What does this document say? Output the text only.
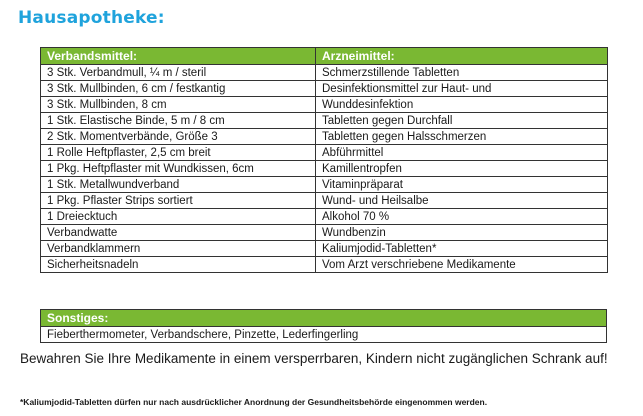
Hausapotheke:
Verbandsmittel:	Arzneimittel:
3 Stk. Verbandmull, ¼ m / steril	Schmerzstillende Tabletten
3 Stk. Mullbinden, 6 cm / festkantig	Desinfektionsmittel zur Haut- und
3 Stk. Mullbinden, 8 cm	Wunddesinfektion
1 Stk. Elastische Binde, 5 m / 8 cm	Tabletten gegen Durchfall
2 Stk. Momentverbände, Größe 3	Tabletten gegen Halsschmerzen
1 Rolle Heftpflaster, 2,5 cm breit	Abführmittel
1 Pkg. Heftpflaster mit Wundkissen, 6cm	Kamillentropfen
1 Stk. Metallwundverband	Vitaminpräparat
1 Pkg. Pflaster Strips sortiert	Wund- und Heilsalbe
1 Dreiecktuch	Alkohol 70 %
Verbandwatte	Wundbenzin
Verbandklammern	Kaliumjodid-Tabletten*
Sicherheitsnadeln	Vom Arzt verschriebene Medikamente
Sonstiges:
Fieberthermometer, Verbandschere, Pinzette, Lederfingerling
Bewahren Sie Ihre Medikamente in einem versperrbaren, Kindern nicht zugänglichen Schrank auf!
*Kaliumjodid-Tabletten dürfen nur nach ausdrücklicher Anordnung der Gesundheitsbehörde eingenommen werden.
